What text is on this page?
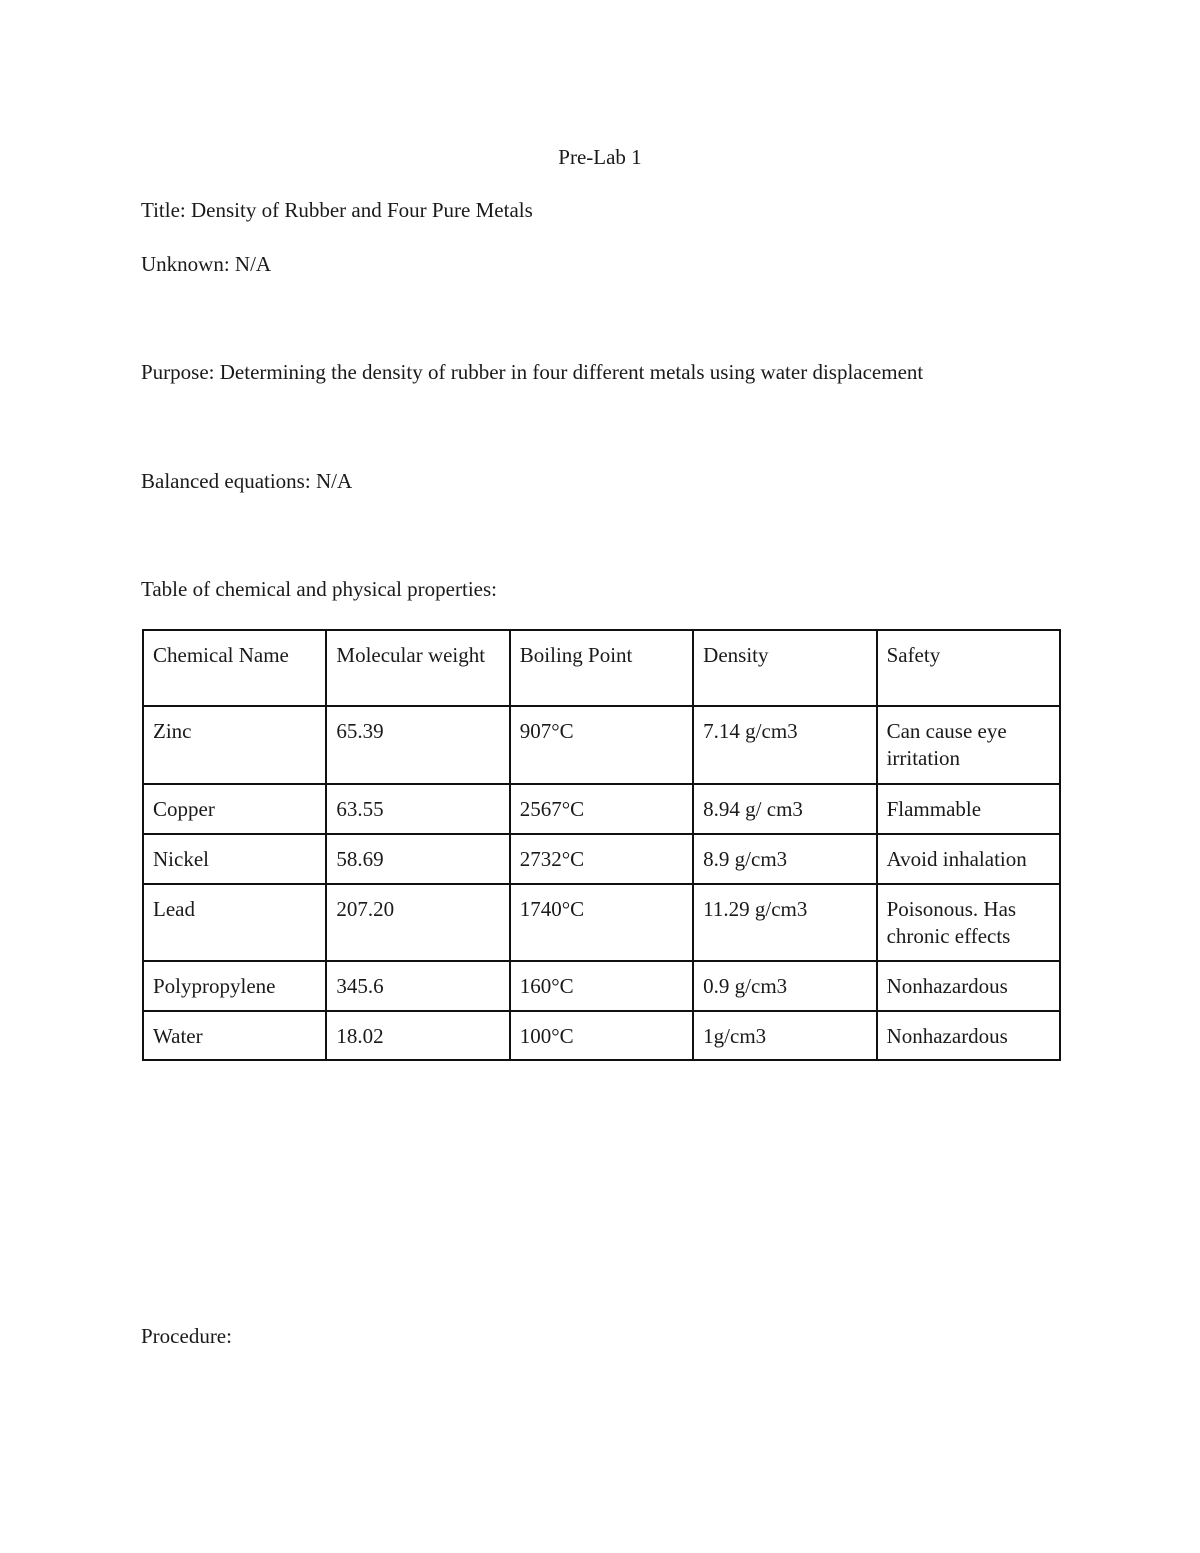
Pre-Lab 1
Title: Density of Rubber and Four Pure Metals
Unknown: N/A
Purpose: Determining the density of rubber in four different metals using water displacement
Balanced equations: N/A
Table of chemical and physical properties:
Chemical Name	Molecular weight	Boiling Point	Density	Safety
Zinc	65.39	907°C	7.14 g/cm3	Can cause eye irritation
Copper	63.55	2567°C	8.94 g/ cm3	Flammable
Nickel	58.69	2732°C	8.9 g/cm3	Avoid inhalation
Lead	207.20	1740°C	11.29 g/cm3	Poisonous. Has chronic effects
Polypropylene	345.6	160°C	0.9 g/cm3	Nonhazardous
Water	18.02	100°C	1g/cm3	Nonhazardous
Procedure:
